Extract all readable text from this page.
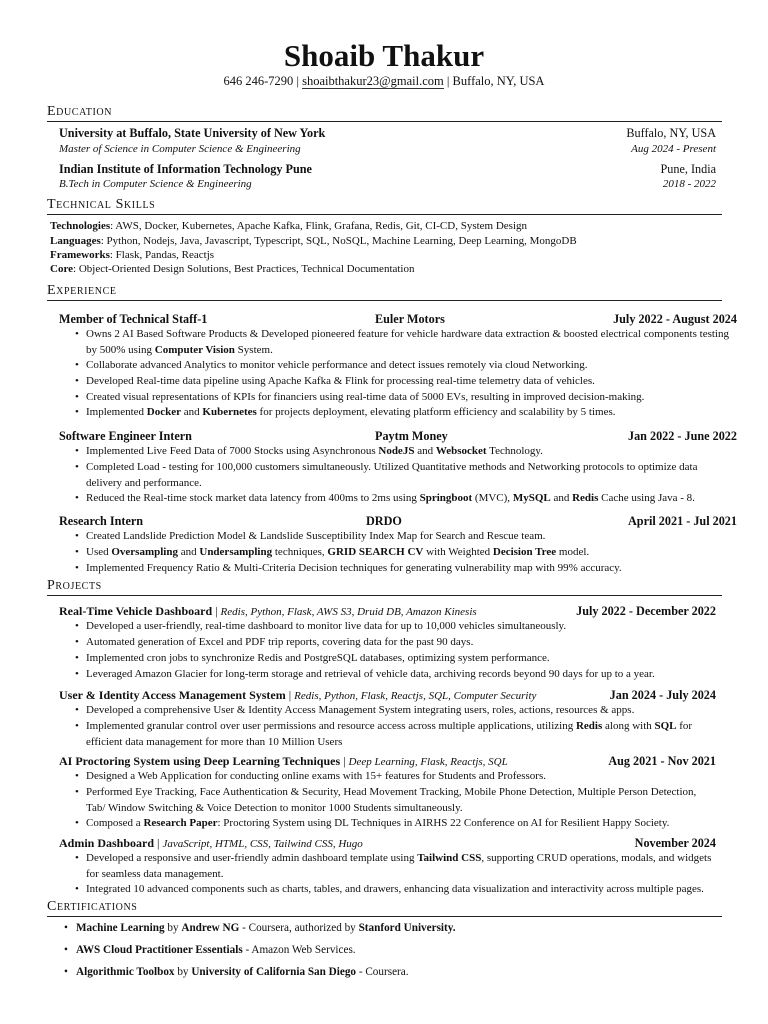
Shoaib Thakur
646 246-7290 | shoaibthakur23@gmail.com | Buffalo, NY, USA
Education
University at Buffalo, State University of New York	Buffalo, NY, USA
Master of Science in Computer Science & Engineering	Aug 2024 - Present
Indian Institute of Information Technology Pune	Pune, India
B.Tech in Computer Science & Engineering	2018 - 2022
Technical Skills
Technologies: AWS, Docker, Kubernetes, Apache Kafka, Flink, Grafana, Redis, Git, CI-CD, System Design
Languages: Python, Nodejs, Java, Javascript, Typescript, SQL, NoSQL, Machine Learning, Deep Learning, MongoDB
Frameworks: Flask, Pandas, Reactjs
Core: Object-Oriented Design Solutions, Best Practices, Technical Documentation
Experience
Member of Technical Staff-1	Euler Motors	July 2022 - August 2024
• Owns 2 AI Based Software Products & Developed pioneered feature for vehicle hardware data extraction & boosted electrical components testing by 500% using Computer Vision System.
• Collaborate advanced Analytics to monitor vehicle performance and detect issues remotely via cloud Networking.
• Developed Real-time data pipeline using Apache Kafka & Flink for processing real-time telemetry data of vehicles.
• Created visual representations of KPIs for financiers using real-time data of 5000 EVs, resulting in improved decision-making.
• Implemented Docker and Kubernetes for projects deployment, elevating platform efficiency and scalability by 5 times.
Software Engineer Intern	Paytm Money	Jan 2022 - June 2022
• Implemented Live Feed Data of 7000 Stocks using Asynchronous NodeJS and Websocket Technology.
• Completed Load - testing for 100,000 customers simultaneously. Utilized Quantitative methods and Networking protocols to optimize data delivery and performance.
• Reduced the Real-time stock market data latency from 400ms to 2ms using Springboot (MVC), MySQL and Redis Cache using Java - 8.
Research Intern	DRDO	April 2021 - Jul 2021
• Created Landslide Prediction Model & Landslide Susceptibility Index Map for Search and Rescue team.
• Used Oversampling and Undersampling techniques, GRID SEARCH CV with Weighted Decision Tree model.
• Implemented Frequency Ratio & Multi-Criteria Decision techniques for generating vulnerability map with 99% accuracy.
Projects
Real-Time Vehicle Dashboard | Redis, Python, Flask, AWS S3, Druid DB, Amazon Kinesis	July 2022 - December 2022
• Developed a user-friendly, real-time dashboard to monitor live data for up to 10,000 vehicles simultaneously.
• Automated generation of Excel and PDF trip reports, covering data for the past 90 days.
• Implemented cron jobs to synchronize Redis and PostgreSQL databases, optimizing system performance.
• Leveraged Amazon Glacier for long-term storage and retrieval of vehicle data, archiving records beyond 90 days for up to a year.
User & Identity Access Management System | Redis, Python, Flask, Reactjs, SQL, Computer Security	Jan 2024 - July 2024
• Developed a comprehensive User & Identity Access Management System integrating users, roles, actions, resources & apps.
• Implemented granular control over user permissions and resource access across multiple applications, utilizing Redis along with SQL for efficient data management for more than 10 Million Users
AI Proctoring System using Deep Learning Techniques | Deep Learning, Flask, Reactjs, SQL	Aug 2021 - Nov 2021
• Designed a Web Application for conducting online exams with 15+ features for Students and Professors.
• Performed Eye Tracking, Face Authentication & Security, Head Movement Tracking, Mobile Phone Detection, Multiple Person Detection, Tab/ Window Switching & Voice Detection to monitor 1000 Students simultaneously.
• Composed a Research Paper: Proctoring System using DL Techniques in AIRHS 22 Conference on AI for Resilient Happy Society.
Admin Dashboard | JavaScript, HTML, CSS, Tailwind CSS, Hugo	November 2024
• Developed a responsive and user-friendly admin dashboard template using Tailwind CSS, supporting CRUD operations, modals, and widgets for seamless data management.
• Integrated 10 advanced components such as charts, tables, and drawers, enhancing data visualization and interactivity across multiple pages.
Certifications
• Machine Learning by Andrew NG - Coursera, authorized by Stanford University.
• AWS Cloud Practitioner Essentials - Amazon Web Services.
• Algorithmic Toolbox by University of California San Diego - Coursera.
